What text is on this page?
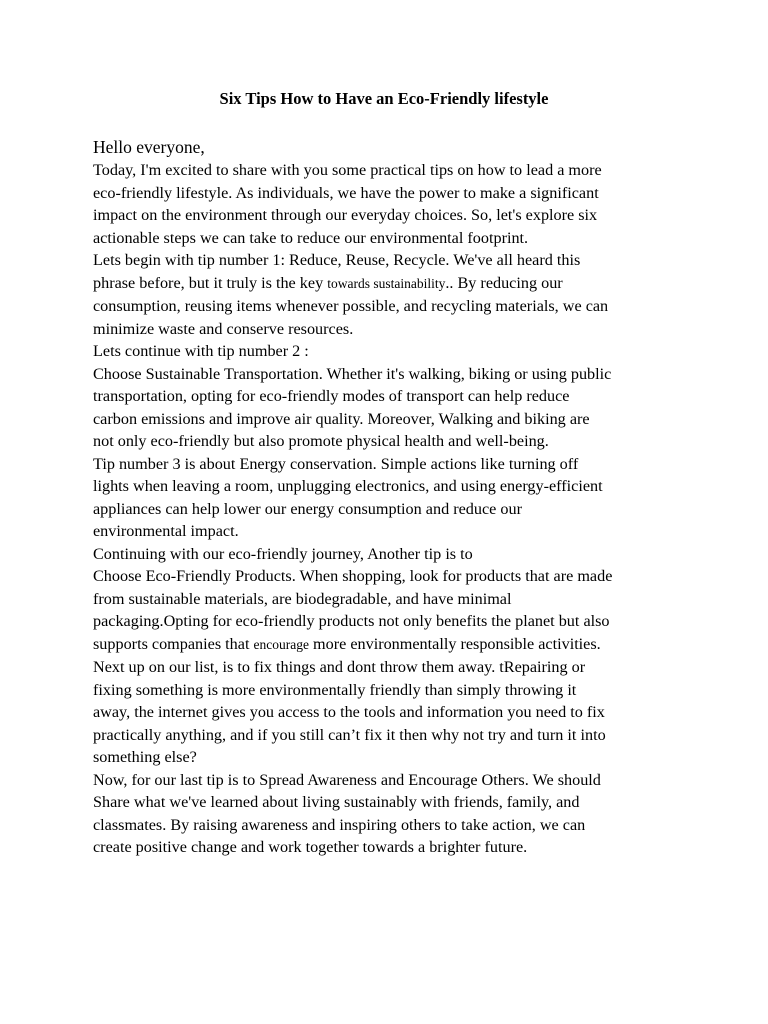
Six Tips How to Have an Eco-Friendly lifestyle

Hello everyone,

Today, I'm excited to share with you some practical tips on how to lead a more

eco-friendly lifestyle. As individuals, we have the power to make a significant

impact on the environment through our everyday choices. So, let's explore six

actionable steps we can take to reduce our environmental footprint.

Lets begin with tip number 1: Reduce, Reuse, Recycle. We've all heard this

phrase before, but it truly is the key towards sustainability.. By reducing our

consumption, reusing items whenever possible, and recycling materials, we can

minimize waste and conserve resources.

Lets continue with tip number 2 :

Choose Sustainable Transportation. Whether it's walking, biking or using public

transportation, opting for eco-friendly modes of transport can help reduce

carbon emissions and improve air quality. Moreover, Walking and biking are

not only eco-friendly but also promote physical health and well-being.

Tip number 3 is about Energy conservation. Simple actions like turning off

lights when leaving a room, unplugging electronics, and using energy-efficient

appliances can help lower our energy consumption and reduce our

environmental impact.

Continuing with our eco-friendly journey, Another tip is to

Choose Eco-Friendly Products. When shopping, look for products that are made

from sustainable materials, are biodegradable, and have minimal

packaging.Opting for eco-friendly products not only benefits the planet but also

supports companies that encourage more environmentally responsible activities.

Next up on our list, is to fix things and dont throw them away. tRepairing or

fixing something is more environmentally friendly than simply throwing it

away, the internet gives you access to the tools and information you need to fix

practically anything, and if you still can’t fix it then why not try and turn it into

something else?

Now, for our last tip is to Spread Awareness and Encourage Others. We should

Share what we've learned about living sustainably with friends, family, and

classmates. By raising awareness and inspiring others to take action, we can

create positive change and work together towards a brighter future.
